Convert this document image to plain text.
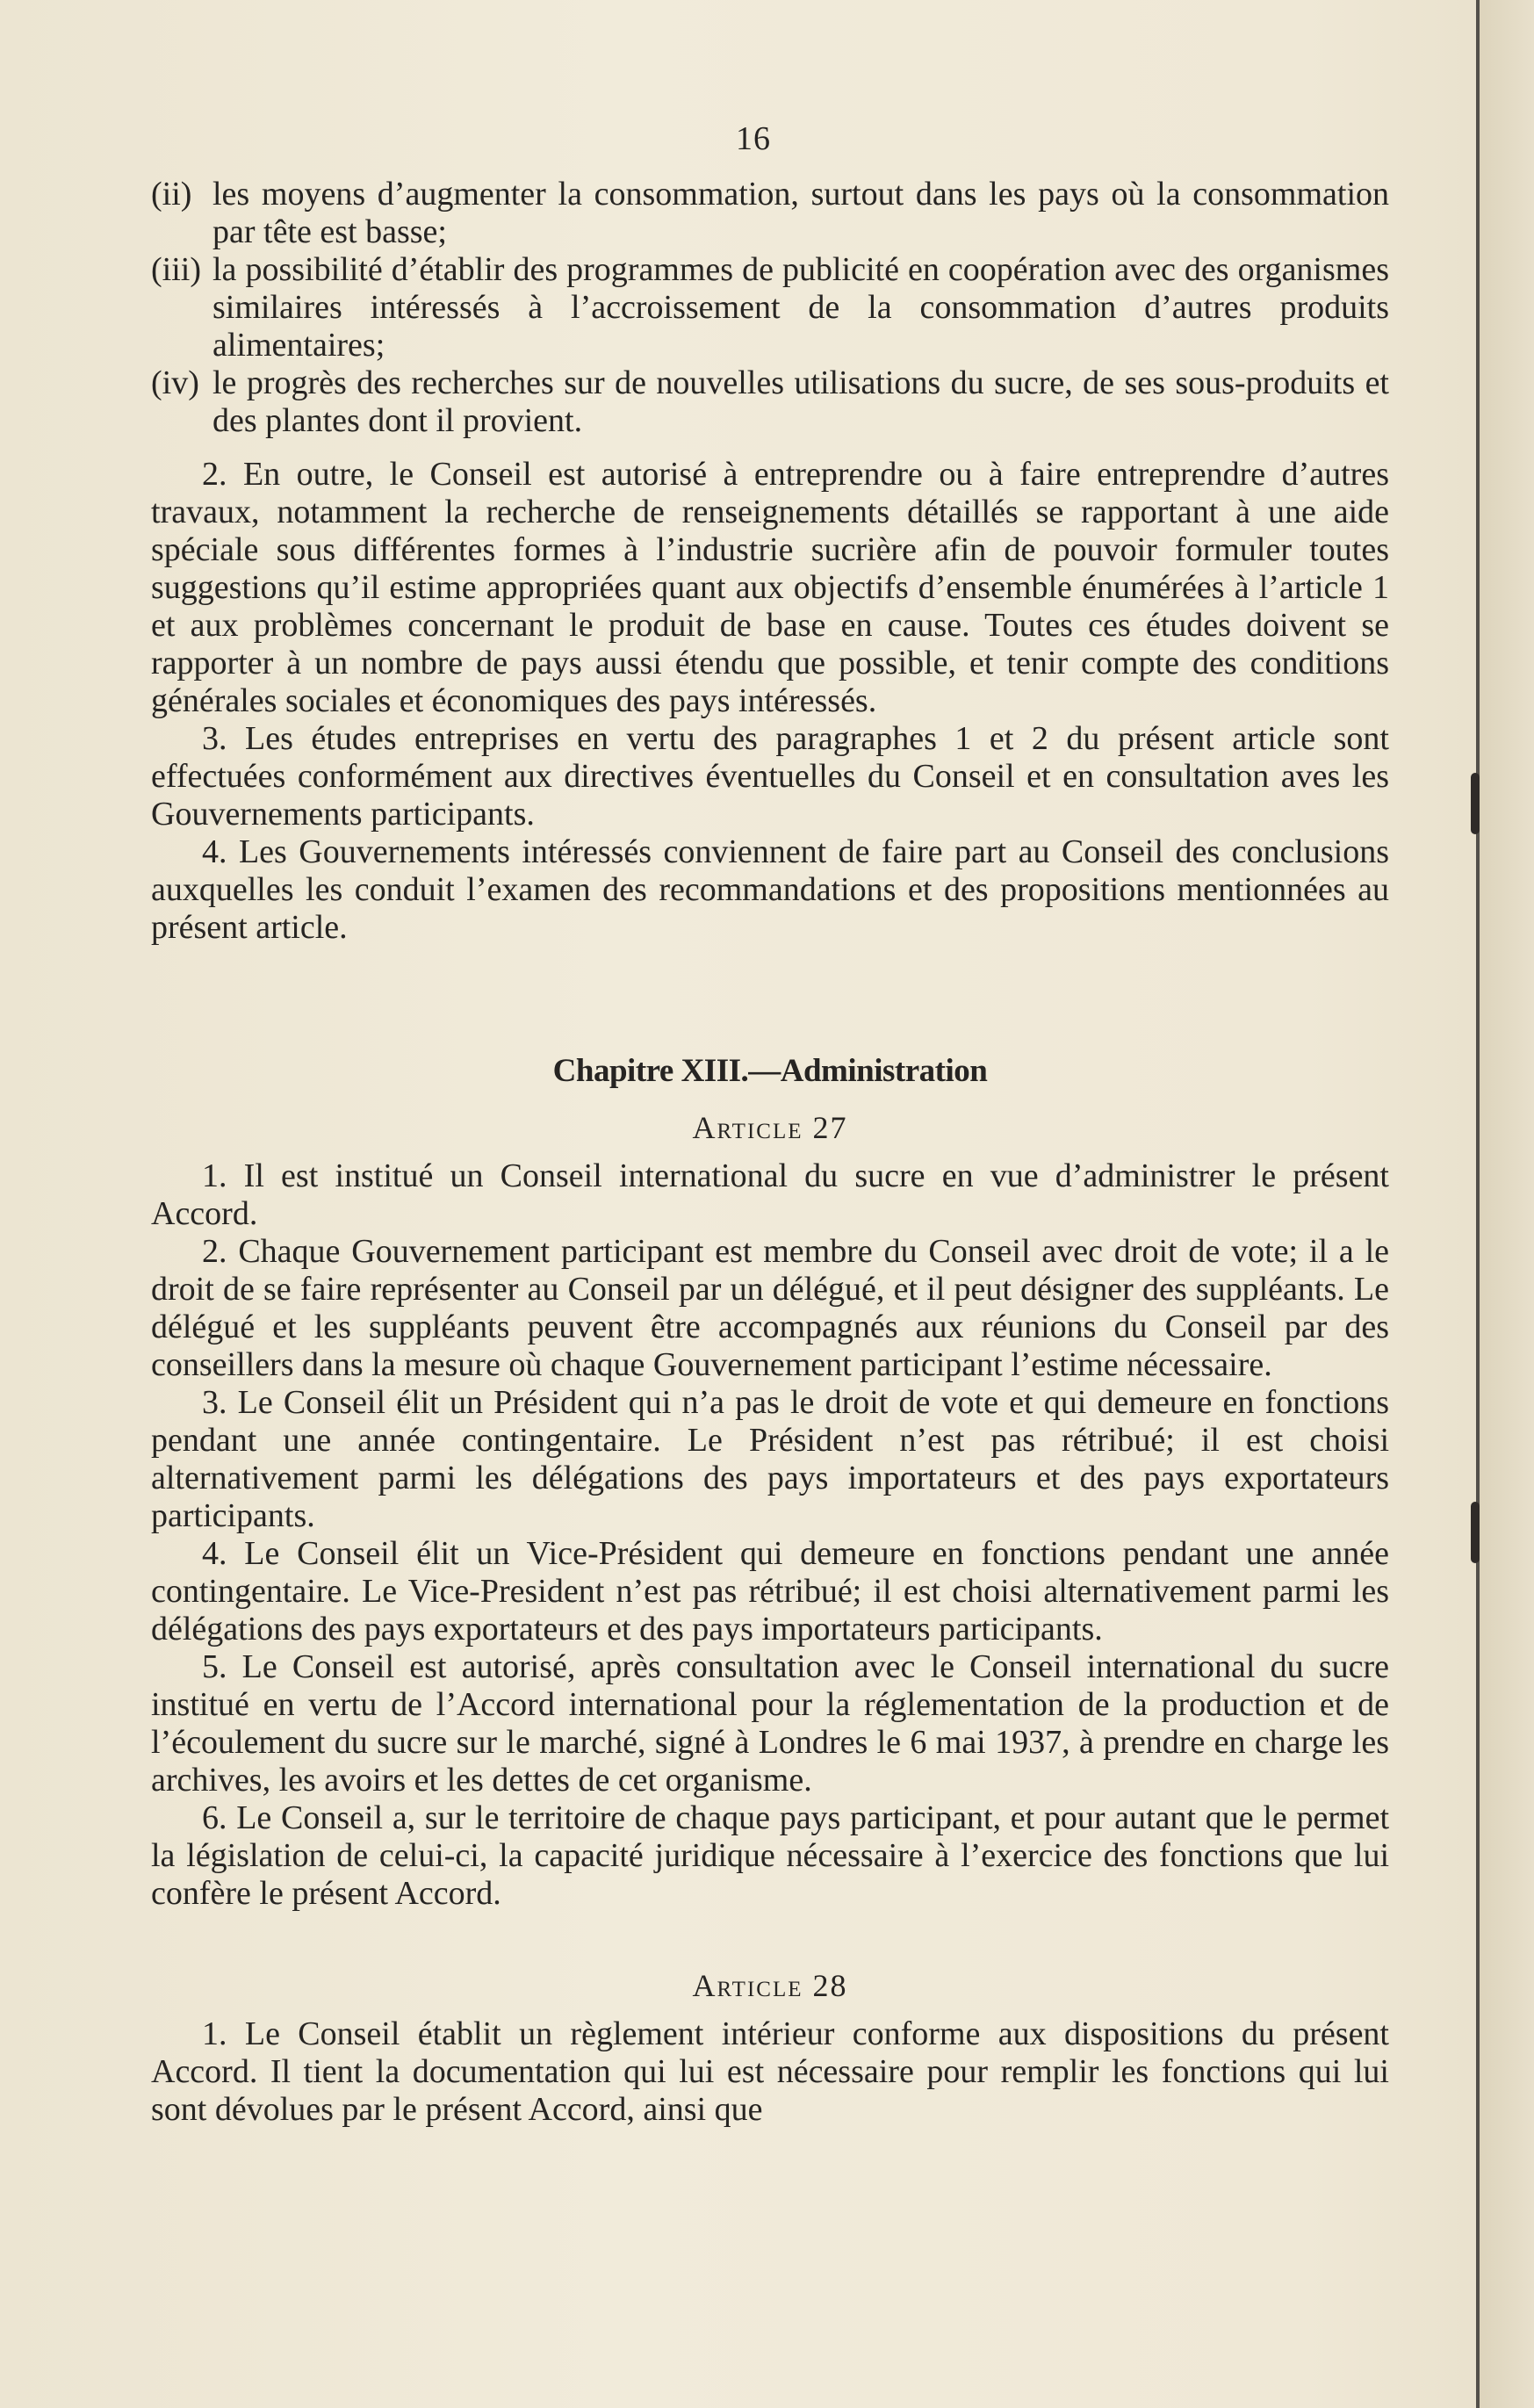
16
(ii) les moyens d’augmenter la consommation, surtout dans les pays où la consommation par tête est basse;
(iii) la possibilité d’établir des programmes de publicité en coopération avec des organismes similaires intéressés à l’accroissement de la consommation d’autres produits alimentaires;
(iv) le progrès des recherches sur de nouvelles utilisations du sucre, de ses sous-produits et des plantes dont il provient.

2. En outre, le Conseil est autorisé à entreprendre ou à faire entreprendre d’autres travaux, notamment la recherche de renseignements détaillés se rapportant à une aide spéciale sous différentes formes à l’industrie sucrière afin de pouvoir formuler toutes suggestions qu’il estime appropriées quant aux objectifs d’ensemble énumérées à l’article 1 et aux problèmes concernant le produit de base en cause. Toutes ces études doivent se rapporter à un nombre de pays aussi étendu que possible, et tenir compte des conditions générales sociales et économiques des pays intéressés.

3. Les études entreprises en vertu des paragraphes 1 et 2 du présent article sont effectuées conformément aux directives éventuelles du Conseil et en consultation aves les Gouvernements participants.

4. Les Gouvernements intéressés conviennent de faire part au Conseil des conclusions auxquelles les conduit l’examen des recommandations et des propositions mentionnées au présent article.

Chapitre XIII.—Administration

Article 27

1. Il est institué un Conseil international du sucre en vue d’administrer le présent Accord.

2. Chaque Gouvernement participant est membre du Conseil avec droit de vote; il a le droit de se faire représenter au Conseil par un délégué, et il peut désigner des suppléants. Le délégué et les suppléants peuvent être accompagnés aux réunions du Conseil par des conseillers dans la mesure où chaque Gouvernement participant l’estime nécessaire.

3. Le Conseil élit un Président qui n’a pas le droit de vote et qui demeure en fonctions pendant une année contingentaire. Le Président n’est pas rétribué; il est choisi alternativement parmi les délégations des pays importateurs et des pays exportateurs participants.

4. Le Conseil élit un Vice-Président qui demeure en fonctions pendant une année contingentaire. Le Vice-President n’est pas rétribué; il est choisi alternativement parmi les délégations des pays exportateurs et des pays importateurs participants.

5. Le Conseil est autorisé, après consultation avec le Conseil international du sucre institué en vertu de l’Accord international pour la réglementation de la production et de l’écoulement du sucre sur le marché, signé à Londres le 6 mai 1937, à prendre en charge les archives, les avoirs et les dettes de cet organisme.

6. Le Conseil a, sur le territoire de chaque pays participant, et pour autant que le permet la législation de celui-ci, la capacité juridique nécessaire à l’exercice des fonctions que lui confère le présent Accord.

Article 28

1. Le Conseil établit un règlement intérieur conforme aux dispositions du présent Accord. Il tient la documentation qui lui est nécessaire pour remplir les fonctions qui lui sont dévolues par le présent Accord, ainsi que
